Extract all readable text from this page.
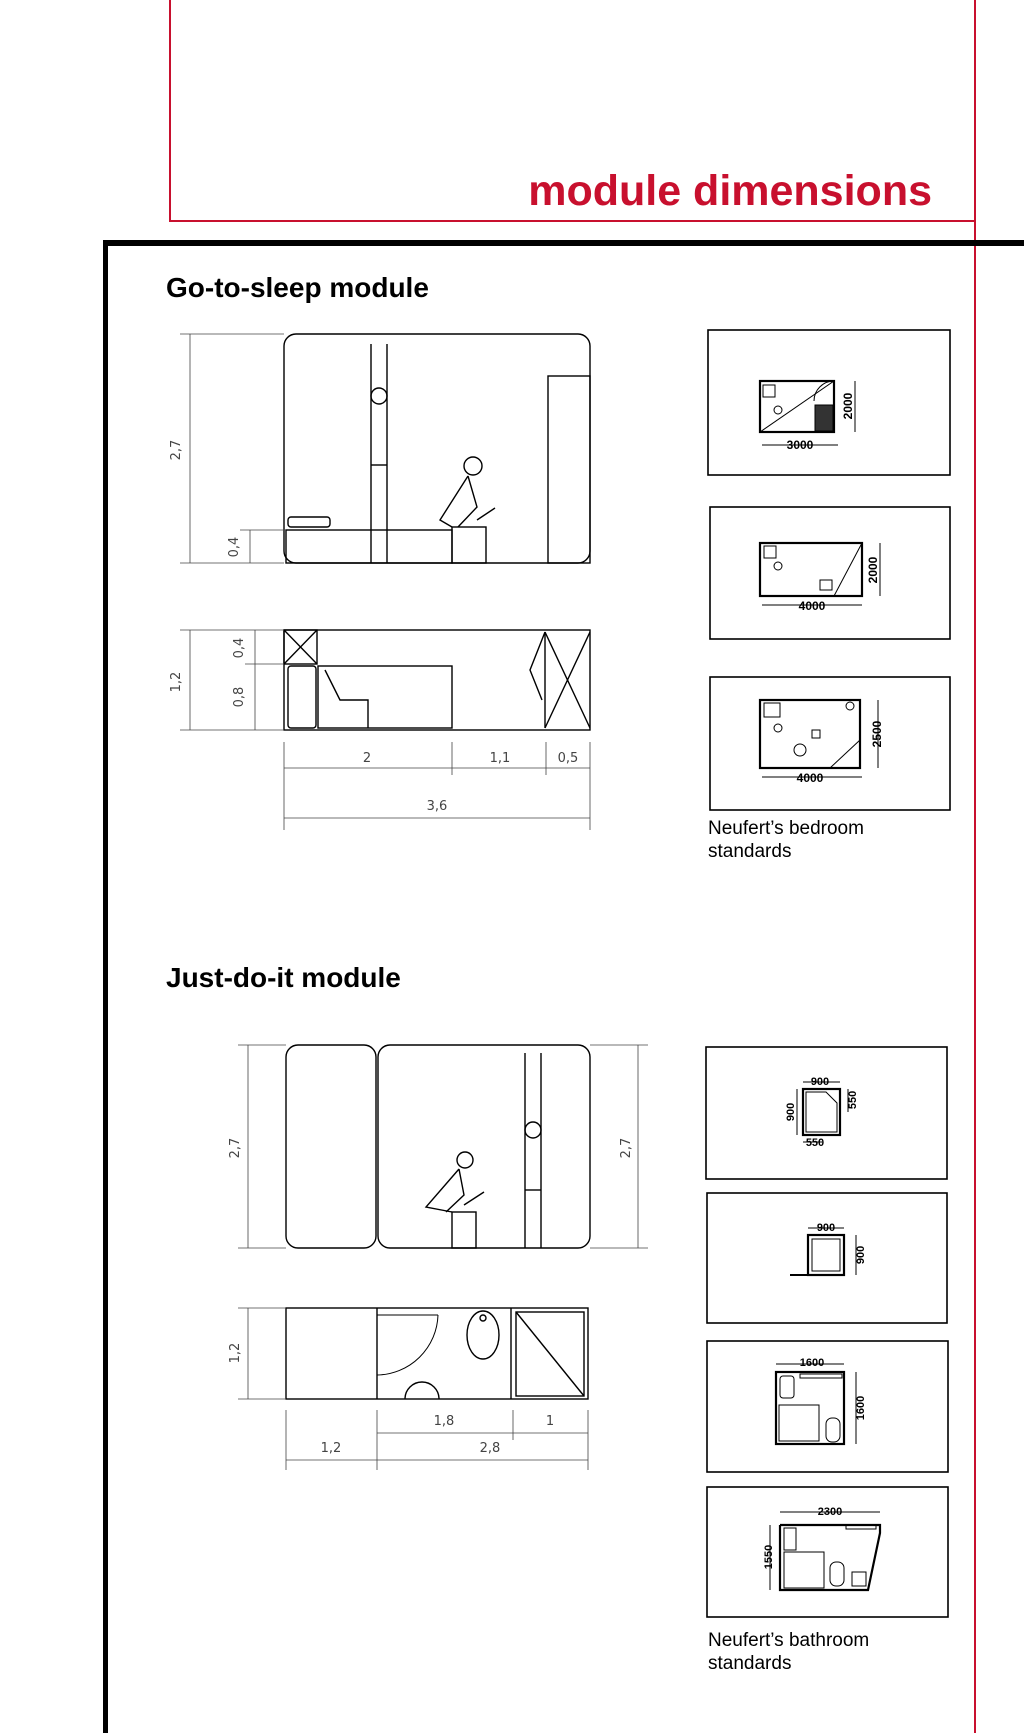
module dimensions
Go-to-sleep module
2,7
0,4
1,2
0,4
0,8
2	1,1	0,5
3,6
3000
2000
4000
2000
4000
2500
Neufert’s bedroom standards
Just-do-it module
2,7	2,7
1,2
1,8	1
1,2	2,8
900
900
550
550
900
900
1600
1600
2300
1550
Neufert’s bathroom standards
